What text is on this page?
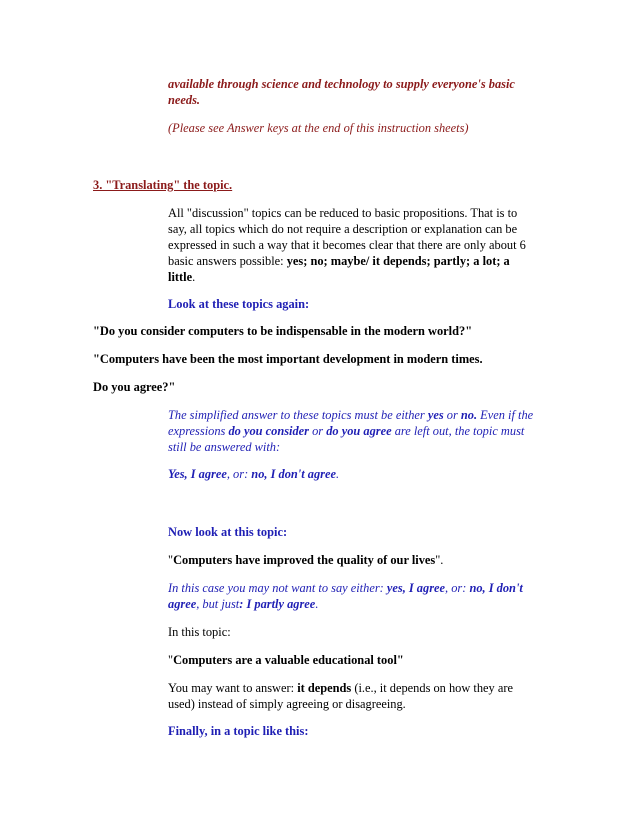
available through science and technology to supply everyone's basic

needs.

(Please see Answer keys at the end of this instruction sheets)

3. "Translating" the topic.

All "discussion" topics can be reduced to basic propositions. That is to

say, all topics which do not require a description or explanation can be

expressed in such a way that it becomes clear that there are only about 6

basic answers possible: yes; no; maybe/ it depends; partly; a lot; a

little.

Look at these topics again:

"Do you consider computers to be indispensable in the modern world?"

"Computers have been the most important development in modern times.

Do you agree?"

The simplified answer to these topics must be either yes or no. Even if the

expressions do you consider or do you agree are left out, the topic must

still be answered with:

Yes, I agree, or: no, I don't agree.

Now look at this topic:

"Computers have improved the quality of our lives".

In this case you may not want to say either: yes, I agree, or: no, I don't

agree, but just: I partly agree.

In this topic:

"Computers are a valuable educational tool"

You may want to answer: it depends (i.e., it depends on how they are

used) instead of simply agreeing or disagreeing.

Finally, in a topic like this:
